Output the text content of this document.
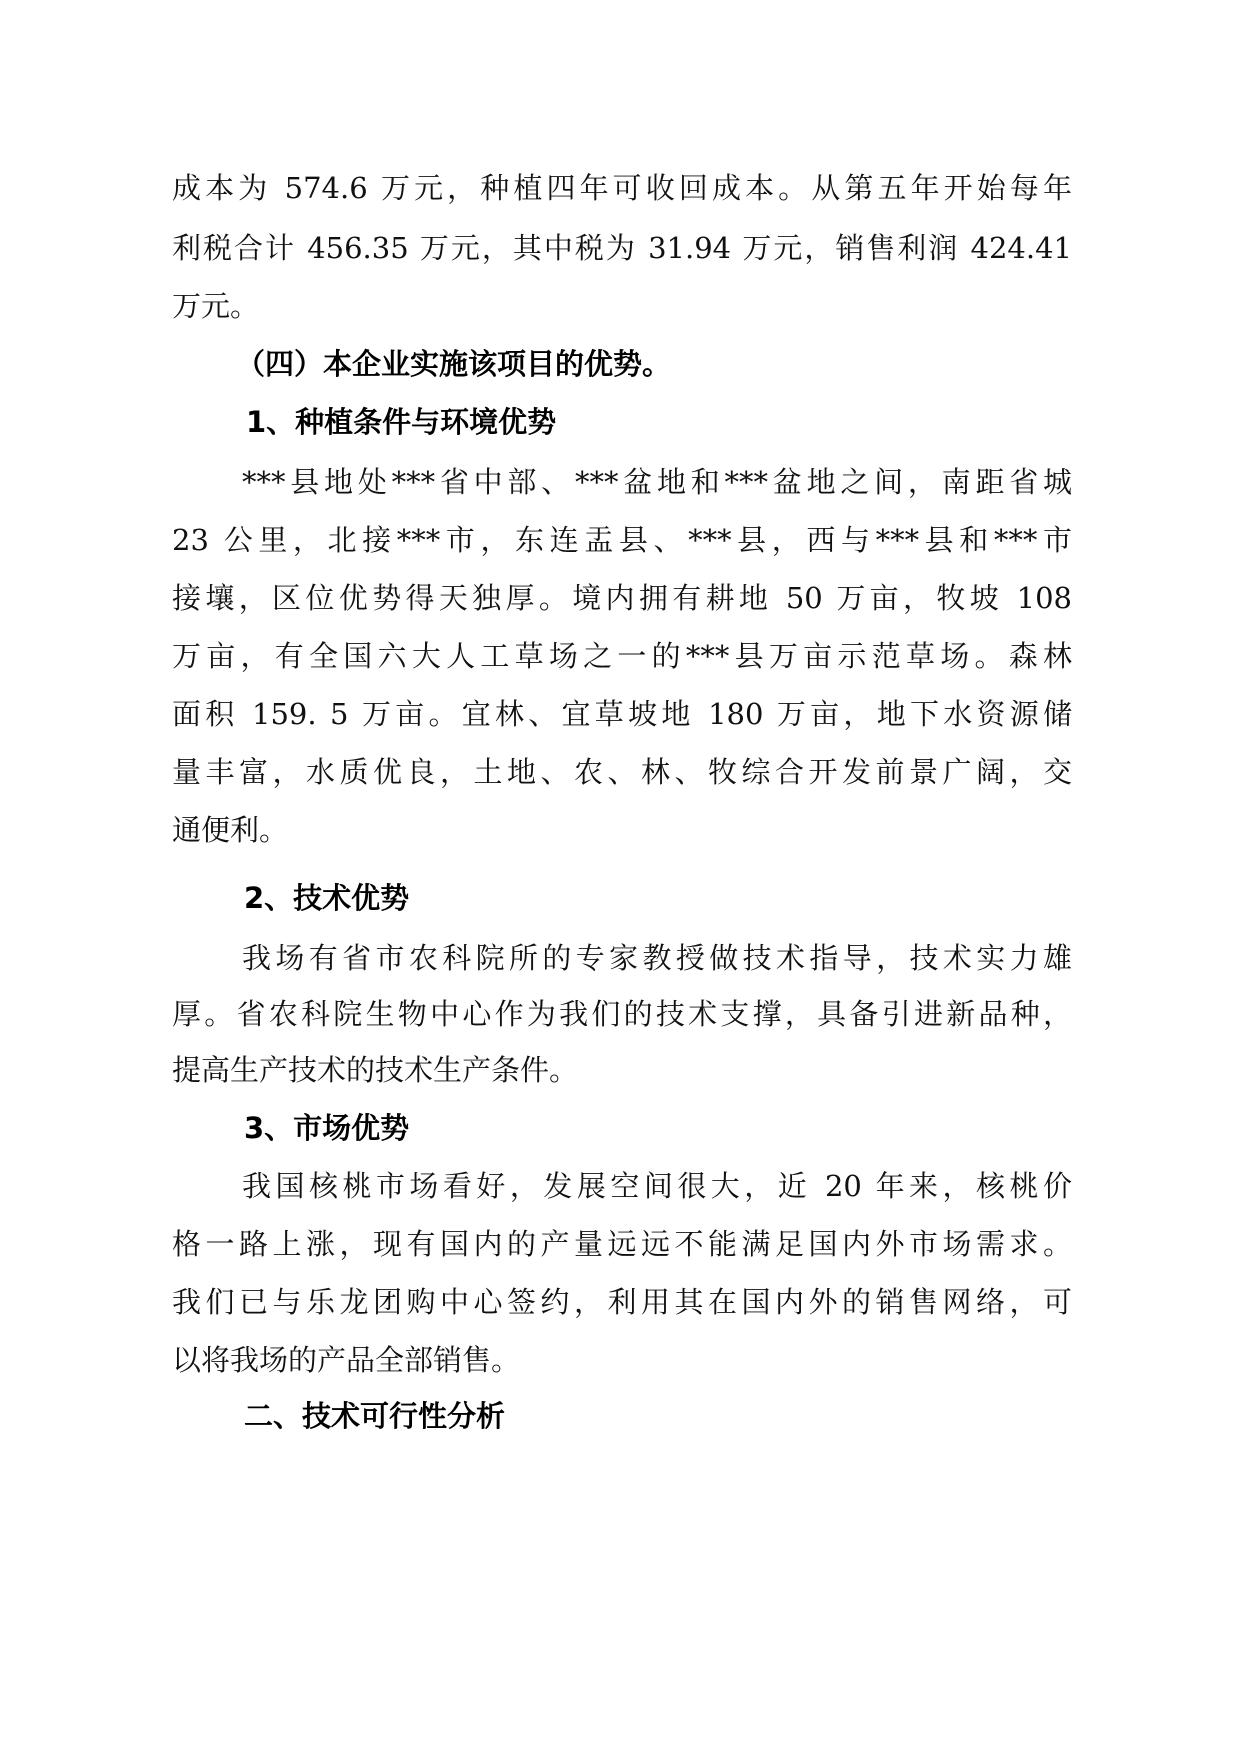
成本为 574.6 万元，种植四年可收回成本。从第五年开始每年
利税合计 456.35 万元，其中税为 31.94 万元，销售利润 424.41
万元。
（四）本企业实施该项目的优势。
1、种植条件与环境优势
***县地处***省中部、***盆地和***盆地之间，南距省城
23 公里，北接***市，东连盂县、***县，西与***县和***市
接壤，区位优势得天独厚。境内拥有耕地 50 万亩，牧坡 108
万亩，有全国六大人工草场之一的***县万亩示范草场。森林
面积 159. 5 万亩。宜林、宜草坡地 180 万亩，地下水资源储
量丰富，水质优良，土地、农、林、牧综合开发前景广阔，交
通便利。
2、技术优势
我场有省市农科院所的专家教授做技术指导，技术实力雄
厚。省农科院生物中心作为我们的技术支撑，具备引进新品种，
提高生产技术的技术生产条件。
3、市场优势
我国核桃市场看好，发展空间很大，近 20 年来，核桃价
格一路上涨，现有国内的产量远远不能满足国内外市场需求。
我们已与乐龙团购中心签约，利用其在国内外的销售网络，可
以将我场的产品全部销售。
二、技术可行性分析
